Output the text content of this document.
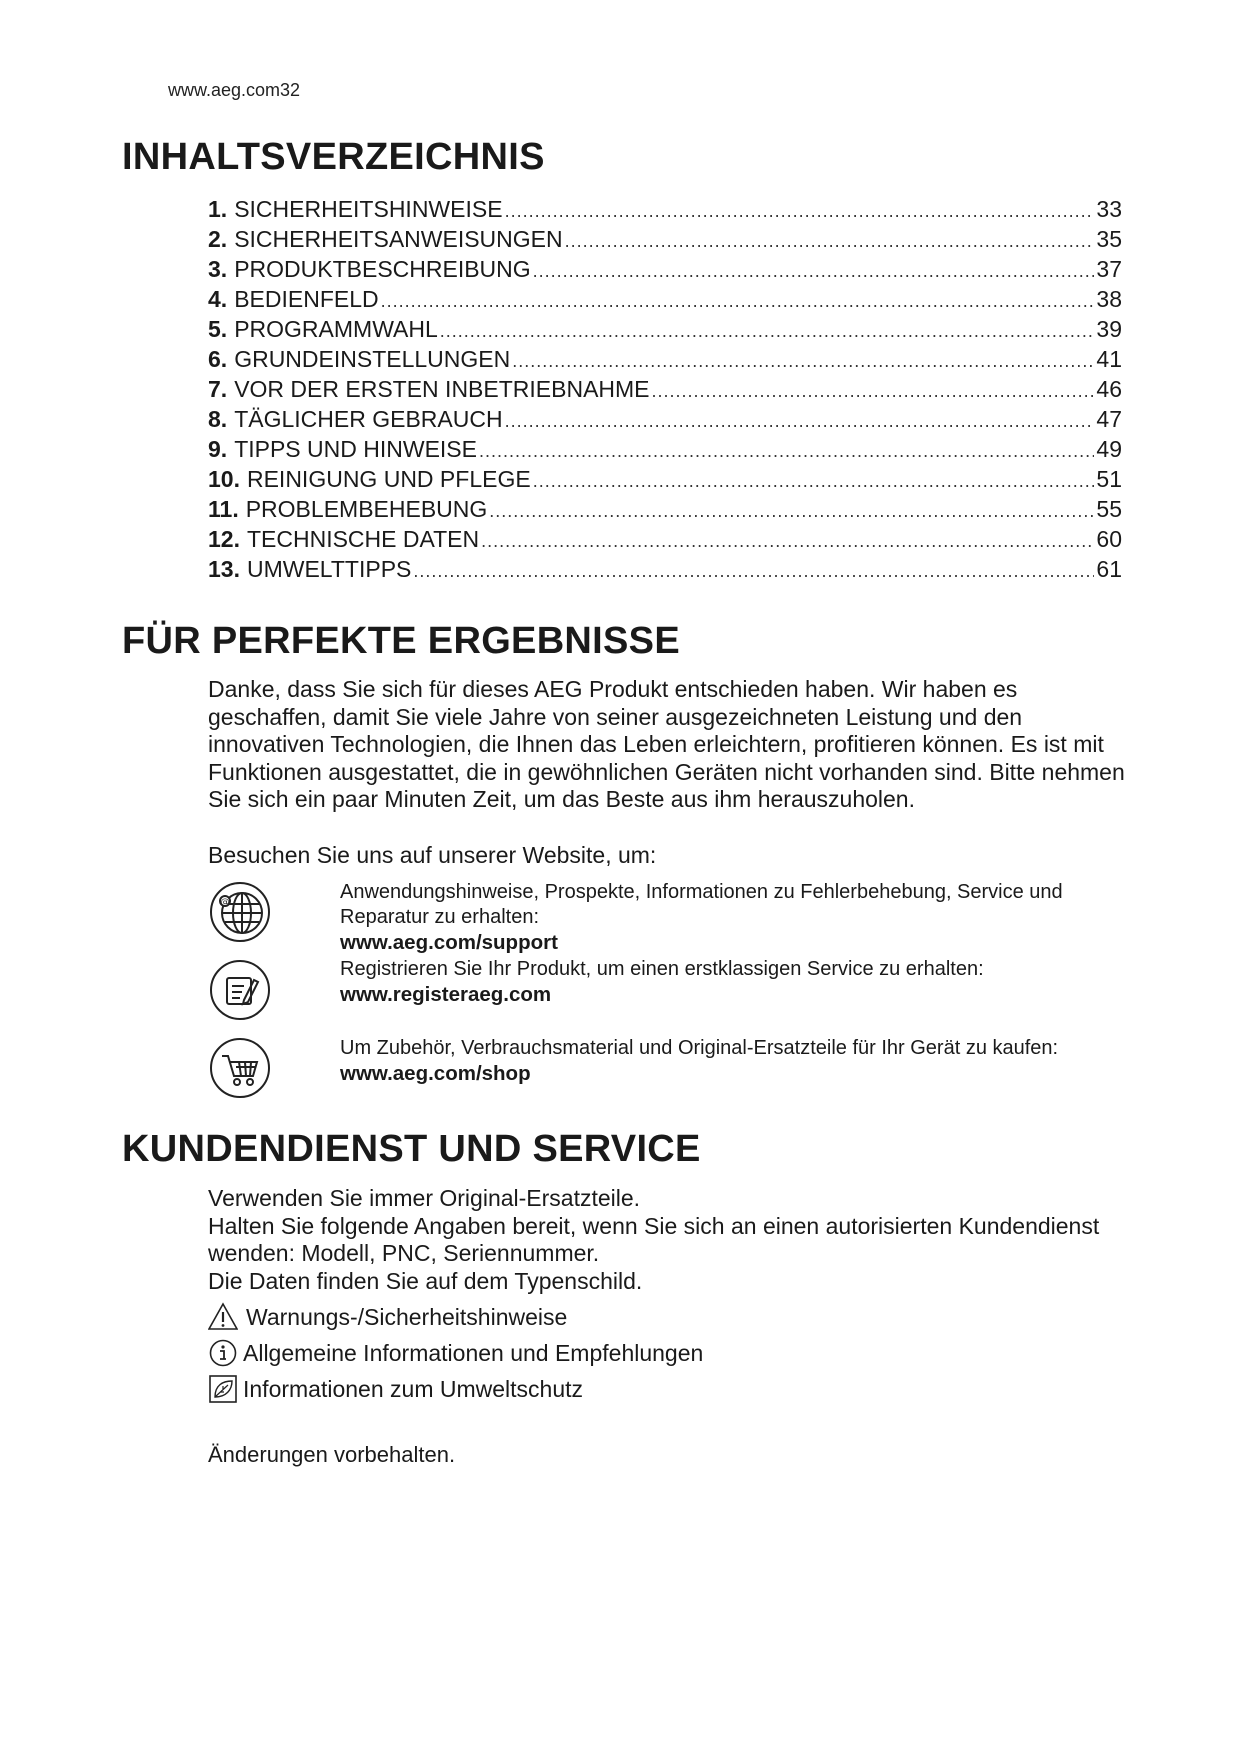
www.aeg.com32
INHALTSVERZEICHNIS
1. SICHERHEITSHINWEISE .....	33
2. SICHERHEITSANWEISUNGEN .....	35
3. PRODUKTBESCHREIBUNG .....	37
4. BEDIENFELD .....	38
5. PROGRAMMWAHL .....	39
6. GRUNDEINSTELLUNGEN .....	41
7. VOR DER ERSTEN INBETRIEBNAHME .....	46
8. TÄGLICHER GEBRAUCH .....	47
9. TIPPS UND HINWEISE .....	49
10. REINIGUNG UND PFLEGE .....	51
11. PROBLEMBEHEBUNG .....	55
12. TECHNISCHE DATEN .....	60
13. UMWELTTIPPS .....	61
FÜR PERFEKTE ERGEBNISSE

Danke, dass Sie sich für dieses AEG Produkt entschieden haben. Wir haben es geschaffen, damit Sie viele Jahre von seiner ausgezeichneten Leistung und den innovativen Technologien, die Ihnen das Leben erleichtern, profitieren können. Es ist mit Funktionen ausgestattet, die in gewöhnlichen Geräten nicht vorhanden sind. Bitte nehmen Sie sich ein paar Minuten Zeit, um das Beste aus ihm herauszuholen.

Besuchen Sie uns auf unserer Website, um:

@	Anwendungshinweise, Prospekte, Informationen zu Fehlerbehebung, Service und Reparatur zu erhalten:
www.aeg.com/support
Registrieren Sie Ihr Produkt, um einen erstklassigen Service zu erhalten:
www.registeraeg.com
Um Zubehör, Verbrauchsmaterial und Original-Ersatzteile für Ihr Gerät zu kaufen:
www.aeg.com/shop
KUNDENDIENST UND SERVICE
Verwenden Sie immer Original-Ersatzteile.
Halten Sie folgende Angaben bereit, wenn Sie sich an einen autorisierten Kundendienst wenden: Modell, PNC, Seriennummer.
Die Daten finden Sie auf dem Typenschild.
Warnungs-/Sicherheitshinweise
Allgemeine Informationen und Empfehlungen
Informationen zum Umweltschutz
Änderungen vorbehalten.
